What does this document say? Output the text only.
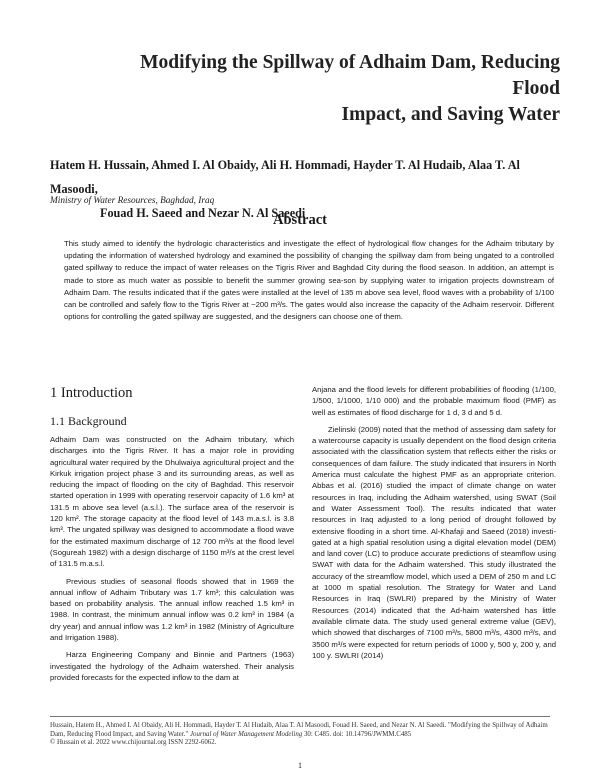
Modifying the Spillway of Adhaim Dam, Reducing Flood
Impact, and Saving Water

Hatem H. Hussain, Ahmed I. Al Obaidy, Ali H. Hommadi, Hayder T. Al Hudaib, Alaa T. Al Masoodi,
Fouad H. Saeed and Nezar N. Al Saeedi

Ministry of Water Resources, Baghdad, Iraq

Abstract

This study aimed to identify the hydrologic characteristics and investigate the effect of hydrological flow changes for the Adhaim tributary by updating the information of watershed hydrology and examined the possibility of changing the spillway dam from being ungated to a controlled gated spillway to reduce the impact of water releases on the Tigris River and Baghdad City during the flood season. In addition, an attempt is made to store as much water as possible to benefit the summer growing sea-son by supplying water to irrigation projects downstream of Adhaim Dam. The results indicated that if the gates were installed at the level of 135 m above sea level, flood waves with a probability of 1/100 can be controlled and safely flow to the Tigris River at ~200 m³/s. The gates would also increase the capacity of the Adhaim reservoir. Different options for controlling the gated spillway are suggested, and the designers can choose one of them.

1 Introduction
1.1 Background

Adhaim Dam was constructed on the Adhaim tributary, which discharges into the Tigris River. It has a major role in providing agricultural water required by the Dhulwaiya agricultural project and the Kirkuk irrigation project phase 3 and its surrounding areas, as well as reducing the impact of flooding on the city of Baghdad. This reservoir started operation in 1999 with operating reservoir capacity of 1.6 km³ at 131.5 m above sea level (a.s.l.). The surface area of the reservoir is 120 km². The storage capacity at the flood level of 143 m.a.s.l. is 3.8 km³. The ungated spillway was designed to accommodate a flood wave for the estimated maximum discharge of 12 700 m³/s at the flood level (Sogureah 1982) with a design discharge of 1150 m³/s at the crest level of 131.5 m.a.s.l.

Previous studies of seasonal floods showed that in 1969 the annual inflow of Adhaim Tributary was 1.7 km³; this calculation was based on probability analysis. The annual inflow reached 1.5 km³ in 1988. In contrast, the minimum annual inflow was 0.2 km³ in 1984 (a dry year) and annual inflow was 1.2 km³ in 1982 (Ministry of Agriculture and Irrigation 1988).

Harza Engineering Company and Binnie and Partners (1963) investigated the hydrology of the Adhaim watershed. Their analysis provided forecasts for the expected inflow to the dam at

Anjana and the flood levels for different probabilities of flooding (1/100, 1/500, 1/1000, 1/10 000) and the probable maximum flood (PMF) as well as estimates of flood discharge for 1 d, 3 d and 5 d.

Zielinski (2009) noted that the method of assessing dam safety for a watercourse capacity is usually dependent on the flood design criteria associated with the classification system that reflects either the risks or consequences of dam failure. The study indicated that insurers in North America must calculate the highest PMF as an appropriate criterion. Abbas et al. (2016) studied the impact of climate change on water resources in Iraq, including the Adhaim watershed, using SWAT (Soil and Water Assessment Tool). The results indicated that water resources in Iraq adjusted to a long period of drought followed by extensive flooding in a short time. Al-Khafaji and Saeed (2018) investi-gated at a high spatial resolution using a digital elevation model (DEM) and land cover (LC) to produce accurate predictions of steamflow using SWAT with data for the Adhaim watershed. This study illustrated the accuracy of the streamflow model, which used a DEM of 250 m and LC at 1000 m spatial resolution. The Strategy for Water and Land Resources in Iraq (SWLRI) prepared by the Ministry of Water Resources (2014) indicated that the Ad-haim watershed has little available climate data. The study used general extreme value (GEV), which showed that discharges of 7100 m³/s, 5800 m³/s, 4300 m³/s, and 3500 m³/s were expected for return periods of 1000 y, 500 y, 200 y, and 100 y. SWLRI (2014)

Hussain, Hatem H., Ahmed I. Al Obaidy, Ali H. Hommadi, Hayder T. Al Hudaib, Alaa T. Al Masoodi, Fouad H. Saeed, and Nezar N. Al Saeedi. "Modifying the Spillway of Adhaim Dam, Reducing Flood Impact, and Saving Water." Journal of Water Management Modeling 30: C485. doi: 10.14796/JWMM.C485
© Hussain et al. 2022 www.chijournal.org ISSN 2292-6062.

1
